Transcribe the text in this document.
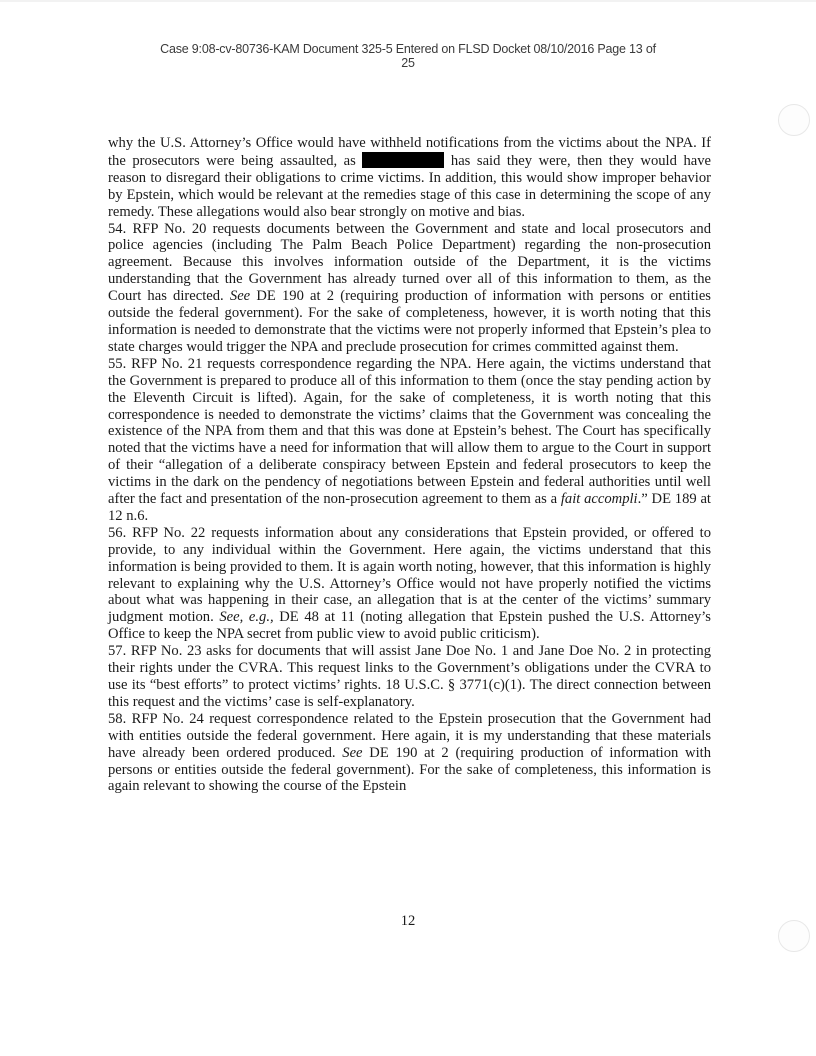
Case 9:08-cv-80736-KAM Document 325-5 Entered on FLSD Docket 08/10/2016 Page 13 of
25

why the U.S. Attorney’s Office would have withheld notifications from the victims about the NPA. If the prosecutors were being assaulted, as	has said they were, then they would have reason to disregard their obligations to crime victims. In addition, this would show improper behavior by Epstein, which would be relevant at the remedies stage of this case in determining the scope of any remedy. These allegations would also bear strongly on motive and bias.

54. RFP No. 20 requests documents between the Government and state and local prosecutors and police agencies (including The Palm Beach Police Department) regarding the non-prosecution agreement. Because this involves information outside of the Department, it is the victims understanding that the Government has already turned over all of this information to them, as the Court has directed. See DE 190 at 2 (requiring production of information with persons or entities outside the federal government). For the sake of completeness, however, it is worth noting that this information is needed to demonstrate that the victims were not properly informed that Epstein’s plea to state charges would trigger the NPA and preclude prosecution for crimes committed against them.

55. RFP No. 21 requests correspondence regarding the NPA. Here again, the victims understand that the Government is prepared to produce all of this information to them (once the stay pending action by the Eleventh Circuit is lifted). Again, for the sake of completeness, it is worth noting that this correspondence is needed to demonstrate the victims’ claims that the Government was concealing the existence of the NPA from them and that this was done at Epstein’s behest. The Court has specifically noted that the victims have a need for information that will allow them to argue to the Court in support of their “allegation of a deliberate conspiracy between Epstein and federal prosecutors to keep the victims in the dark on the pendency of negotiations between Epstein and federal authorities until well after the fact and presentation of the non-prosecution agreement to them as a fait accompli.” DE 189 at 12 n.6.

56. RFP No. 22 requests information about any considerations that Epstein provided, or offered to provide, to any individual within the Government. Here again, the victims understand that this information is being provided to them. It is again worth noting, however, that this information is highly relevant to explaining why the U.S. Attorney’s Office would not have properly notified the victims about what was happening in their case, an allegation that is at the center of the victims’ summary judgment motion. See, e.g., DE 48 at 11 (noting allegation that Epstein pushed the U.S. Attorney’s Office to keep the NPA secret from public view to avoid public criticism).

57. RFP No. 23 asks for documents that will assist Jane Doe No. 1 and Jane Doe No. 2 in protecting their rights under the CVRA. This request links to the Government’s obligations under the CVRA to use its “best efforts” to protect victims’ rights. 18 U.S.C. § 3771(c)(1). The direct connection between this request and the victims’ case is self-explanatory.

58. RFP No. 24 request correspondence related to the Epstein prosecution that the Government had with entities outside the federal government. Here again, it is my understanding that these materials have already been ordered produced. See DE 190 at 2 (requiring production of information with persons or entities outside the federal government). For the sake of completeness, this information is again relevant to showing the course of the Epstein

12
